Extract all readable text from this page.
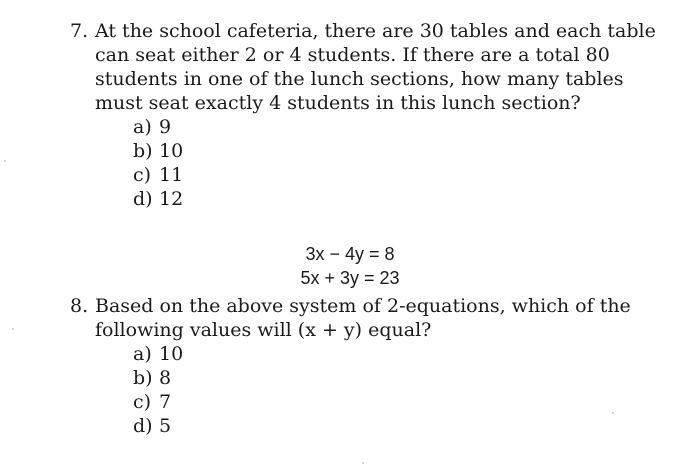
7. At the school cafeteria, there are 30 tables and each table
can seat either 2 or 4 students. If there are a total 80
students in one of the lunch sections, how many tables
must seat exactly 4 students in this lunch section?
a) 9
b) 10
c) 11
d) 12
3x − 4y = 8
5x + 3y = 23
8. Based on the above system of 2-equations, which of the
following values will (x + y) equal?
a) 10
b) 8
c) 7
d) 5
